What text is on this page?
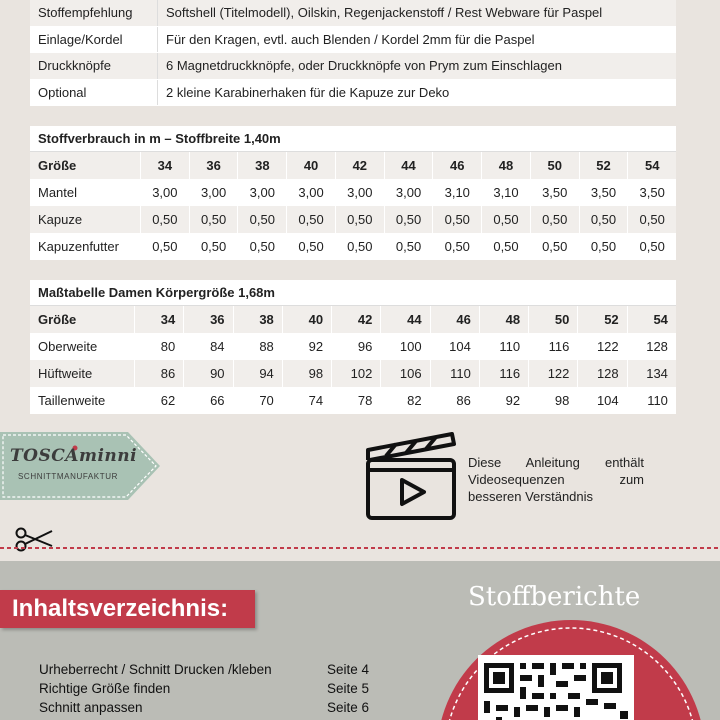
Stoffempfehlung	Softshell (Titelmodell), Oilskin, Regenjackenstoff / Rest Webware für Paspel
Einlage/Kordel	Für den Kragen, evtl. auch Blenden / Kordel 2mm für die Paspel
Druckknöpfe	6 Magnetdruckknöpfe, oder Druckknöpfe von Prym zum Einschlagen
Optional	2 kleine Karabinerhaken für die Kapuze zur Deko
Stoffverbrauch in m – Stoffbreite 1,40m
Größe	34	36	38	40	42	44	46	48	50	52	54
Mantel	3,00	3,00	3,00	3,00	3,00	3,00	3,10	3,10	3,50	3,50	3,50
Kapuze	0,50	0,50	0,50	0,50	0,50	0,50	0,50	0,50	0,50	0,50	0,50
Kapuzenfutter	0,50	0,50	0,50	0,50	0,50	0,50	0,50	0,50	0,50	0,50	0,50
Maßtabelle Damen Körpergröße 1,68m
Größe	34	36	38	40	42	44	46	48	50	52	54
Oberweite	80	84	88	92	96	100	104	110	116	122	128
Hüftweite	86	90	94	98	102	106	110	116	122	128	134
Taillenweite	62	66	70	74	78	82	86	92	98	104	110
TOSCAminni
SCHNITTMANUFAKTUR
Diese Anleitung enthält Videosequenzen zum besseren Verständnis
Inhaltsverzeichnis:
Urheberrecht / Schnitt Drucken /kleben	Seite 4
Richtige Größe finden	Seite 5
Schnitt anpassen	Seite 6
Stoffberichte
